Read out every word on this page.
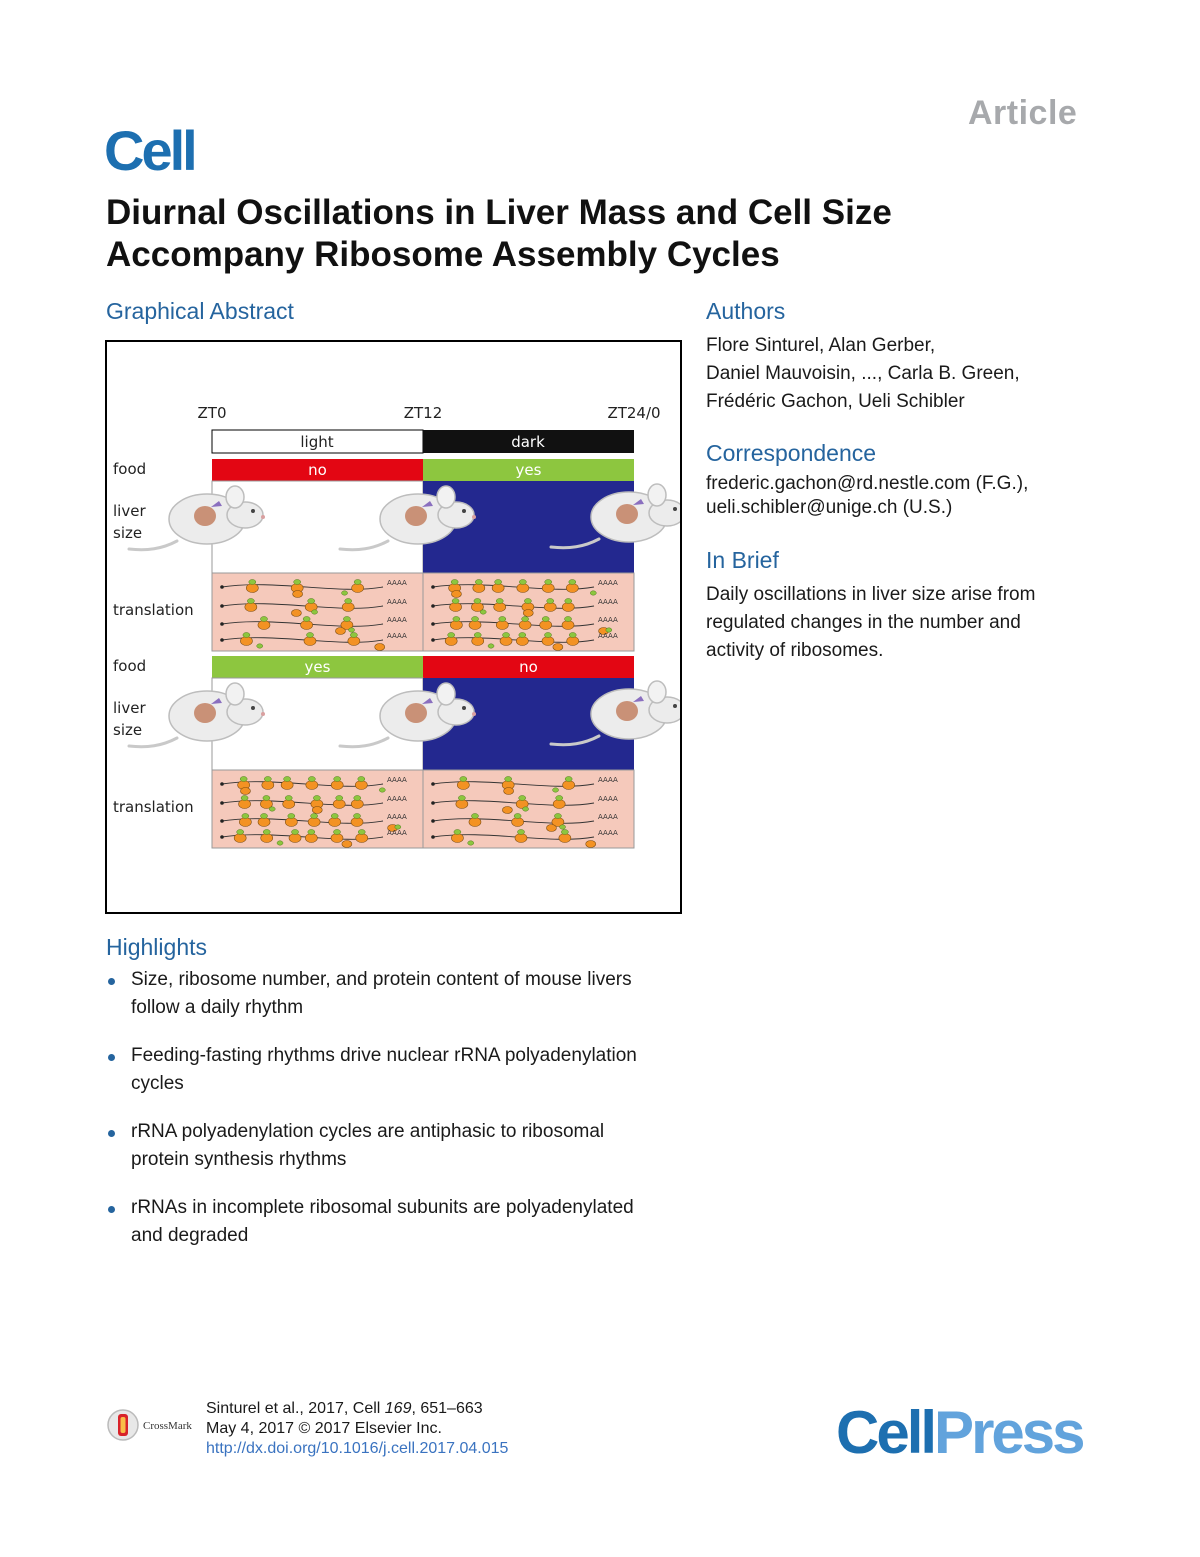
Article
Cell
Diurnal Oscillations in Liver Mass and Cell Size Accompany Ribosome Assembly Cycles
Graphical Abstract
ZT0	ZT12	ZT24/0
light	dark
food
liver
size
translation
no	yes
AAAA
AAAA
AAAA
AAAA
AAAA
AAAA
AAAA
AAAA
food
liver
size
translation
yes	no
AAAA
AAAA
AAAA
AAAA
AAAA
AAAA
AAAA
AAAA
Authors
Flore Sinturel, Alan Gerber,
Daniel Mauvoisin, ..., Carla B. Green,
Frédéric Gachon, Ueli Schibler
Correspondence
frederic.gachon@rd.nestle.com (F.G.),
ueli.schibler@unige.ch (U.S.)
In Brief
Daily oscillations in liver size arise from
regulated changes in the number and
activity of ribosomes.
Highlights
Size, ribosome number, and protein content of mouse livers
follow a daily rhythm
Feeding-fasting rhythms drive nuclear rRNA polyadenylation
cycles
rRNA polyadenylation cycles are antiphasic to ribosomal
protein synthesis rhythms
rRNAs in incomplete ribosomal subunits are polyadenylated
and degraded
CrossMark
Sinturel et al., 2017, Cell 169, 651–663
May 4, 2017 © 2017 Elsevier Inc.
http://dx.doi.org/10.1016/j.cell.2017.04.015	CellPress
